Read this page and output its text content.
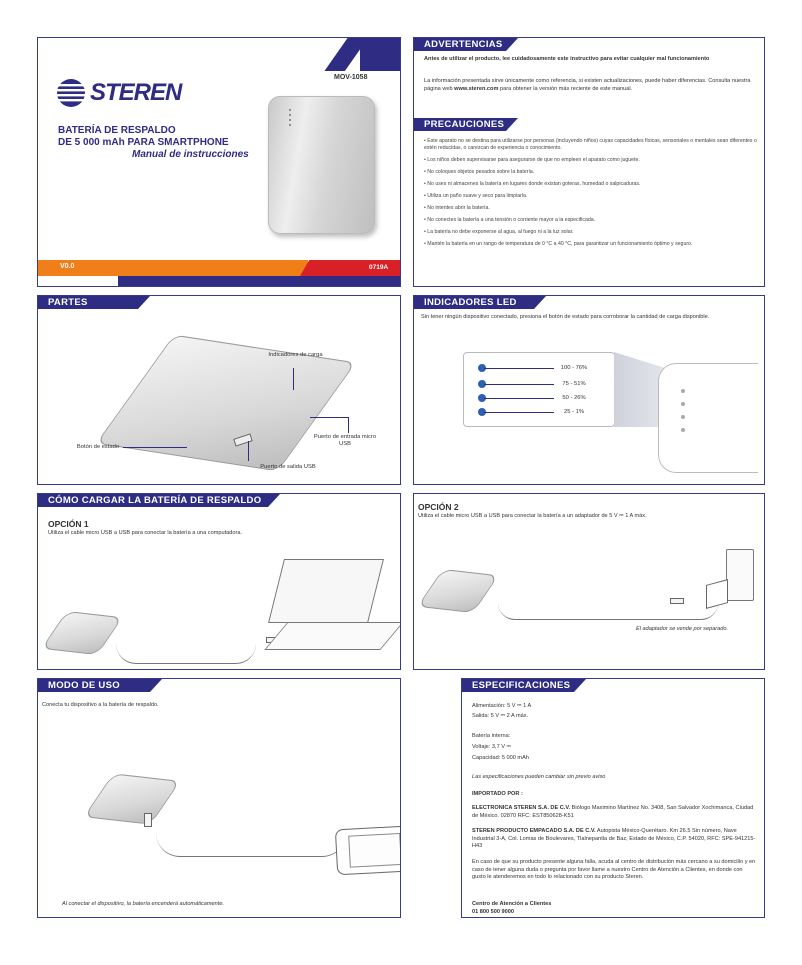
STEREN
MOV-1058
BATERÍA DE RESPALDO
DE 5 000 mAh PARA SMARTPHONE
Manual de instrucciones
V0.0	0719A
ADVERTENCIAS
Antes de utilizar el producto, lee cuidadosamente este instructivo para evitar cualquier mal funcionamiento
La información presentada sirve únicamente como referencia, si existen actualizaciones, puede haber diferencias. Consulta nuestra página web www.steren.com para obtener la versión más reciente de este manual.
PRECAUCIONES
• Este aparato no se destina para utilizarse por personas (incluyendo niños) cuyas capacidades físicas, sensoriales o mentales sean diferentes o estén reducidas, o carezcan de experiencia o conocimiento.
• Los niños deben supervisarse para asegurarse de que no empleen el aparato como juguete.
• No coloques objetos pesados sobre la batería.
• No uses ni almacenes la batería en lugares donde existan goteras, humedad o salpicaduras.
• Utiliza un paño suave y seco para limpiarla.
• No intentes abrir la batería.
• No conectes la batería a una tensión o corriente mayor a la especificada.
• La batería no debe exponerse al agua, al fuego ni a la luz solar.
• Mantén la batería en un rango de temperatura de 0 °C a 40 °C, para garantizar un funcionamiento óptimo y seguro.
PARTES
Indicadores de carga
Botón de estado
Puerto de entrada micro USB
Puerto de salida USB
INDICADORES LED
Sin tener ningún dispositivo conectado, presiona el botón de estado para corroborar la cantidad de carga disponible.
100 - 76%
75 - 51%
50 - 26%
25 - 1%
CÓMO CARGAR LA BATERÍA DE RESPALDO
OPCIÓN 1
Utiliza el cable micro USB a USB para conectar la batería a una computadora.
OPCIÓN 2
Utiliza el cable micro USB a USB para conectar la batería a un adaptador de 5 V ⎓ 1 A máx.
El adaptador se vende por separado.
MODO DE USO
Conecta tu dispositivo a la batería de respaldo.
Al conectar el dispositivo, la batería encenderá automáticamente.
ESPECIFICACIONES
Alimentación: 5 V ⎓ 1 A
Salida: 5 V ⎓ 2 A máx.
Batería interna:
Voltaje: 3,7 V ⎓
Capacidad: 5 000 mAh
Las especificaciones pueden cambiar sin previo aviso
IMPORTADO POR :
ELECTRONICA STEREN S.A. DE C.V. Biólogo Maximino Martínez No. 3408, San Salvador Xochimanca, Ciudad de México. 02870 RFC: EST850628-K51
STEREN PRODUCTO EMPACADO S.A. DE C.V. Autopista México-Querétaro. Km 26.5 Sin número, Nave Industrial 3-A, Col. Lomas de Boulevares, Tlalnepantla de Baz, Estado de México, C.P. 54020, RFC: SPE-941215-H43
En caso de que su producto presente alguna falla, acuda al centro de distribución más cercano a su domicilio y en caso de tener alguna duda o pregunta por favor llame a nuestro Centro de Atención a Clientes, en donde con gusto le atenderemos en todo lo relacionado con su producto Steren.
Centro de Atención a Clientes
01 800 500 9000
